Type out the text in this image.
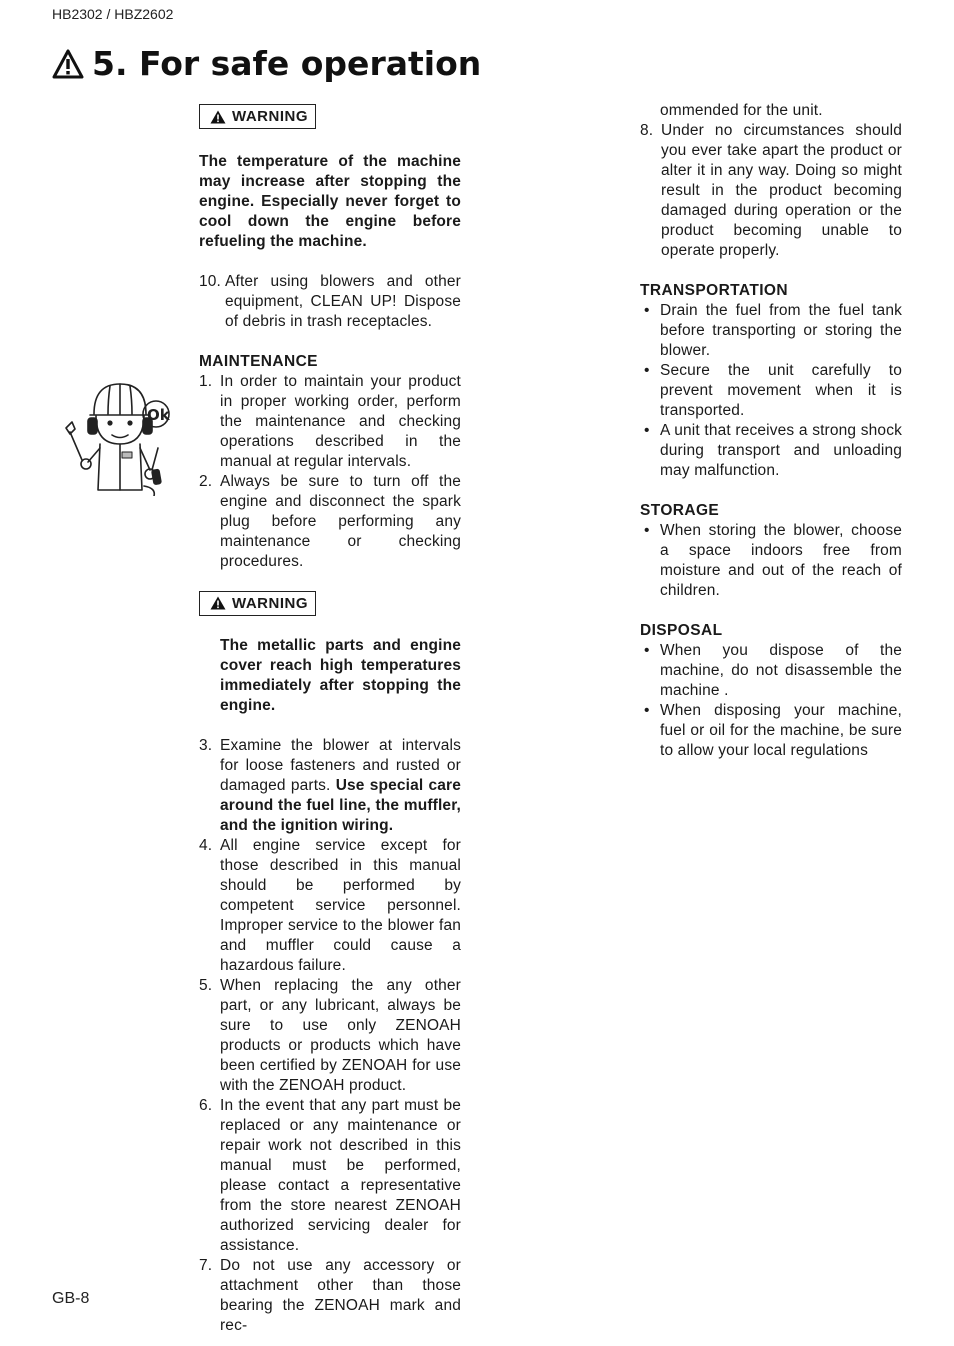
HB2302 / HBZ2602
5. For safe operation
Ok
WARNING

The temperature of the machine may increase after stopping the engine. Especially never forget to cool down the engine before refueling the machine.

10. After using blowers and other equipment, CLEAN UP! Dispose of debris in trash receptacles.

MAINTENANCE

1. In order to maintain your product in proper working order, perform the maintenance and checking operations described in the manual at regular intervals.
2. Always be sure to turn off the engine and disconnect the spark plug before performing any maintenance or checking procedures.
WARNING

The metallic parts and engine cover reach high temperatures immediately after stopping the engine.

3. Examine the blower at intervals for loose fasteners and rusted or damaged parts. Use special care around the fuel line, the muffler, and the ignition wiring.
4. All engine service except for those described in this manual should be performed by competent service personnel. Improper service to the blower fan and muffler could cause a hazardous failure.
5. When replacing the any other part, or any lubricant, always be sure to use only ZENOAH products or products which have been certified by ZENOAH for use with the ZENOAH product.
6. In the event that any part must be replaced or any maintenance or repair work not described in this manual must be performed, please contact a representative from the store nearest ZENOAH authorized servicing dealer for assistance.
7. Do not use any accessory or attachment other than those bearing the ZENOAH mark and rec-

ommended for the unit.

8. Under no circumstances should you ever take apart the product or alter it in any way. Doing so might result in the product becoming damaged during operation or the product becoming unable to operate properly.

TRANSPORTATION

• Drain the fuel from the fuel tank before transporting or storing the blower.
• Secure the unit carefully to prevent movement when it is transported.
• A unit that receives a strong shock during transport and unloading may malfunction.

STORAGE

• When storing the blower, choose a space indoors free from moisture and out of the reach of children.

DISPOSAL

• When you dispose of the machine, do not disassemble the machine .
• When disposing your machine, fuel or oil for the machine, be sure to allow your local regulations
GB-8
